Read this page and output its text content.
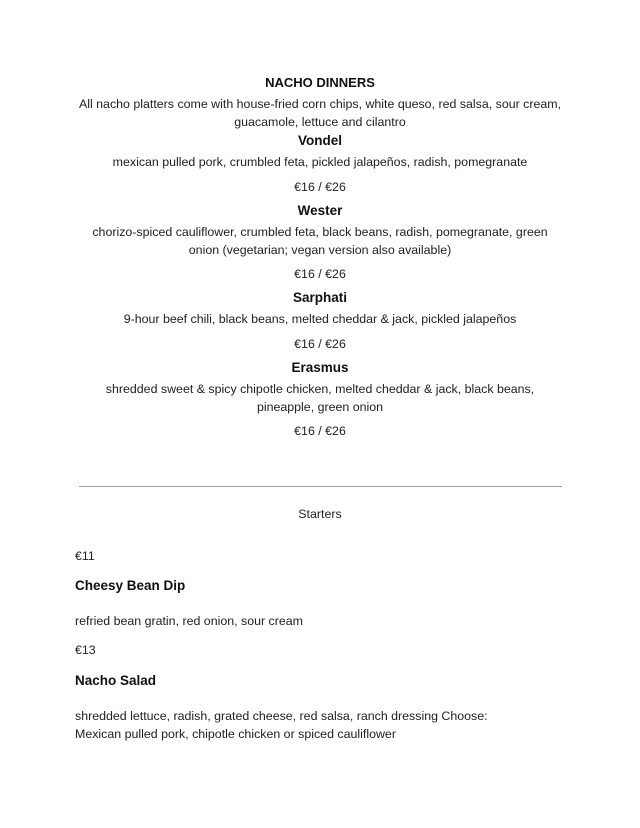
NACHO DINNERS
All nacho platters come with house-fried corn chips, white queso, red salsa, sour cream, guacamole, lettuce and cilantro
Vondel
mexican pulled pork, crumbled feta, pickled jalapeños, radish, pomegranate
€16 / €26
Wester
chorizo-spiced cauliflower, crumbled feta, black beans, radish, pomegranate, green onion (vegetarian; vegan version also available)
€16 / €26
Sarphati
9-hour beef chili, black beans, melted cheddar & jack, pickled jalapeños
€16 / €26
Erasmus
shredded sweet & spicy chipotle chicken, melted cheddar & jack, black beans, pineapple, green onion
€16 / €26
Starters
€11
Cheesy Bean Dip
refried bean gratin, red onion, sour cream
€13
Nacho Salad
shredded lettuce, radish, grated cheese, red salsa, ranch dressing Choose: Mexican pulled pork, chipotle chicken or spiced cauliflower
